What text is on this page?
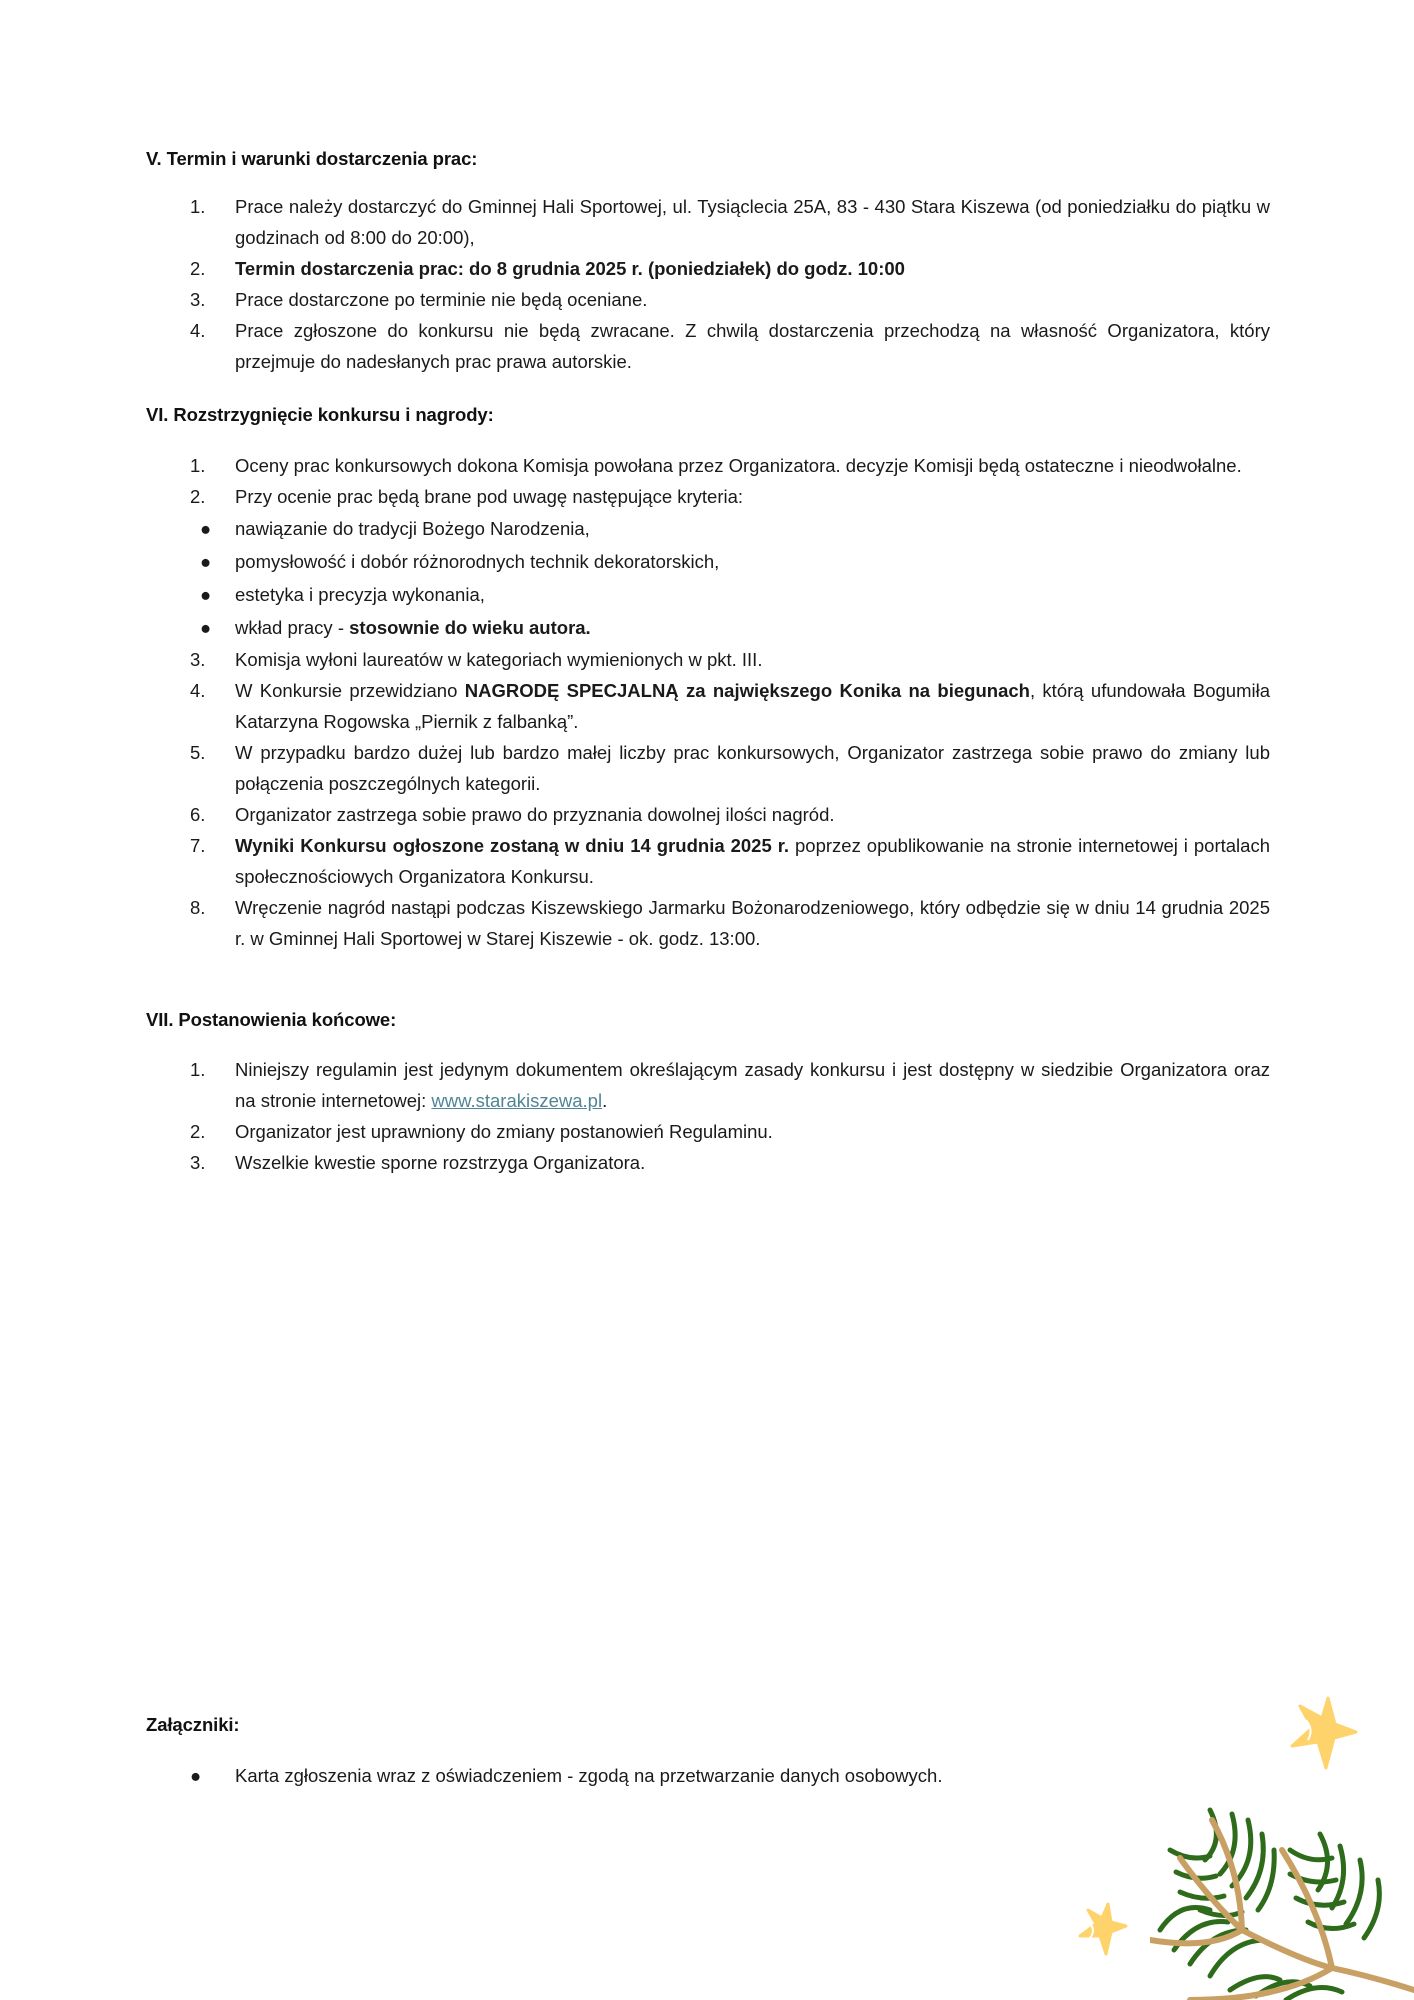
V. Termin i warunki dostarczenia prac:
1. Prace należy dostarczyć do Gminnej Hali Sportowej, ul. Tysiąclecia 25A, 83 - 430 Stara Kiszewa (od poniedziałku do piątku w godzinach od 8:00 do 20:00),
2. Termin dostarczenia prac: do 8 grudnia 2025 r. (poniedziałek) do godz. 10:00
3. Prace dostarczone po terminie nie będą oceniane.
4. Prace zgłoszone do konkursu nie będą zwracane. Z chwilą dostarczenia przechodzą na własność Organizatora, który przejmuje do nadesłanych prac prawa autorskie.
VI. Rozstrzygnięcie konkursu i nagrody:
1. Oceny prac konkursowych dokona Komisja powołana przez Organizatora. decyzje Komisji będą ostateczne i nieodwołalne.
2. Przy ocenie prac będą brane pod uwagę następujące kryteria:
● nawiązanie do tradycji Bożego Narodzenia,
● pomysłowość i dobór różnorodnych technik dekoratorskich,
● estetyka i precyzja wykonania,
● wkład pracy - stosownie do wieku autora.
3. Komisja wyłoni laureatów w kategoriach wymienionych w pkt. III.
4. W Konkursie przewidziano NAGRODĘ SPECJALNĄ za największego Konika na biegunach, którą ufundowała Bogumiła Katarzyna Rogowska „Piernik z falbanką”.
5. W przypadku bardzo dużej lub bardzo małej liczby prac konkursowych, Organizator zastrzega sobie prawo do zmiany lub połączenia poszczególnych kategorii.
6. Organizator zastrzega sobie prawo do przyznania dowolnej ilości nagród.
7. Wyniki Konkursu ogłoszone zostaną w dniu 14 grudnia 2025 r. poprzez opublikowanie na stronie internetowej i portalach społecznościowych Organizatora Konkursu.
8. Wręczenie nagród nastąpi podczas Kiszewskiego Jarmarku Bożonarodzeniowego, który odbędzie się w dniu 14 grudnia 2025 r. w Gminnej Hali Sportowej w Starej Kiszewie - ok. godz. 13:00.
VII. Postanowienia końcowe:
1. Niniejszy regulamin jest jedynym dokumentem określającym zasady konkursu i jest dostępny w siedzibie Organizatora oraz na stronie internetowej: www.starakiszewa.pl.
2. Organizator jest uprawniony do zmiany postanowień Regulaminu.
3. Wszelkie kwestie sporne rozstrzyga Organizatora.
Załączniki:
● Karta zgłoszenia wraz z oświadczeniem - zgodą na przetwarzanie danych osobowych.
